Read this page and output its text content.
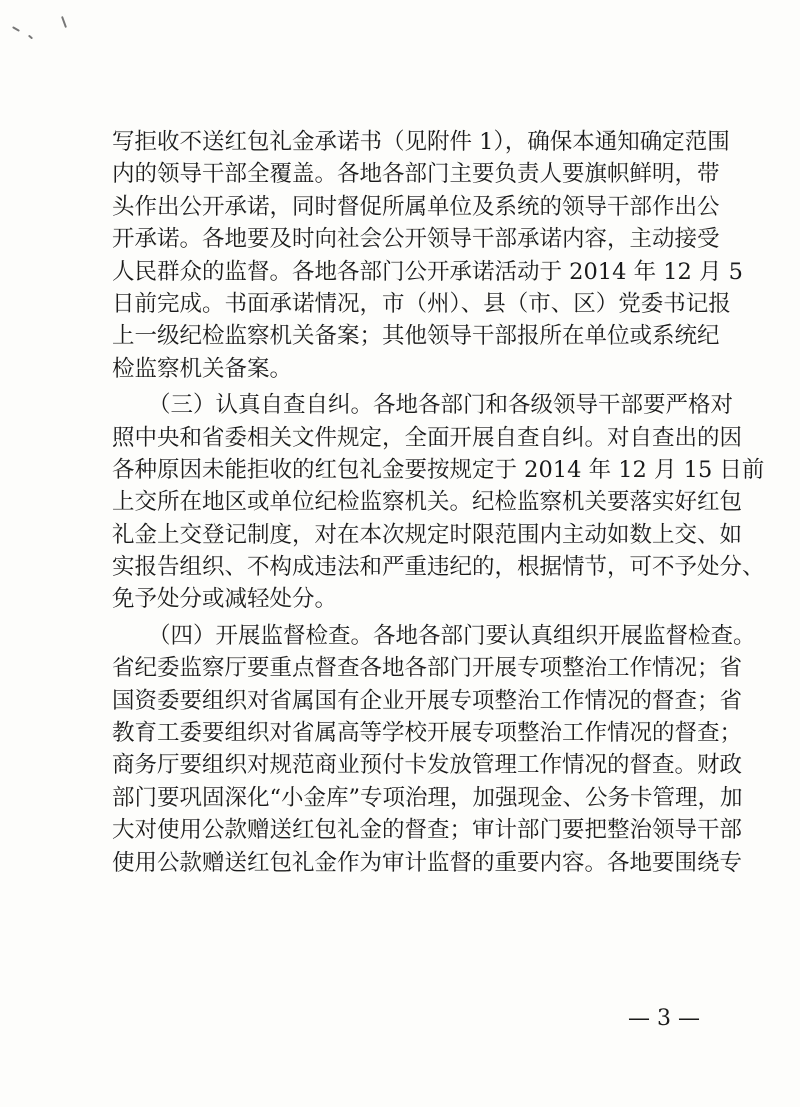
写拒收不送红包礼金承诺书（见附件 1），确保本通知确定范围
内的领导干部全覆盖。各地各部门主要负责人要旗帜鲜明，带
头作出公开承诺，同时督促所属单位及系统的领导干部作出公
开承诺。各地要及时向社会公开领导干部承诺内容，主动接受
人民群众的监督。各地各部门公开承诺活动于 2014 年 12 月 5
日前完成。书面承诺情况，市（州）、县（市、区）党委书记报
上一级纪检监察机关备案；其他领导干部报所在单位或系统纪
检监察机关备案。
（三）认真自查自纠。各地各部门和各级领导干部要严格对
照中央和省委相关文件规定，全面开展自查自纠。对自查出的因
各种原因未能拒收的红包礼金要按规定于 2014 年 12 月 15 日前
上交所在地区或单位纪检监察机关。纪检监察机关要落实好红包
礼金上交登记制度，对在本次规定时限范围内主动如数上交、如
实报告组织、不构成违法和严重违纪的，根据情节，可不予处分、
免予处分或减轻处分。
（四）开展监督检查。各地各部门要认真组织开展监督检查。
省纪委监察厅要重点督查各地各部门开展专项整治工作情况；省
国资委要组织对省属国有企业开展专项整治工作情况的督查；省
教育工委要组织对省属高等学校开展专项整治工作情况的督查；
商务厅要组织对规范商业预付卡发放管理工作情况的督查。财政
部门要巩固深化“小金库”专项治理，加强现金、公务卡管理，加
大对使用公款赠送红包礼金的督查；审计部门要把整治领导干部
使用公款赠送红包礼金作为审计监督的重要内容。各地要围绕专
— 3 —
